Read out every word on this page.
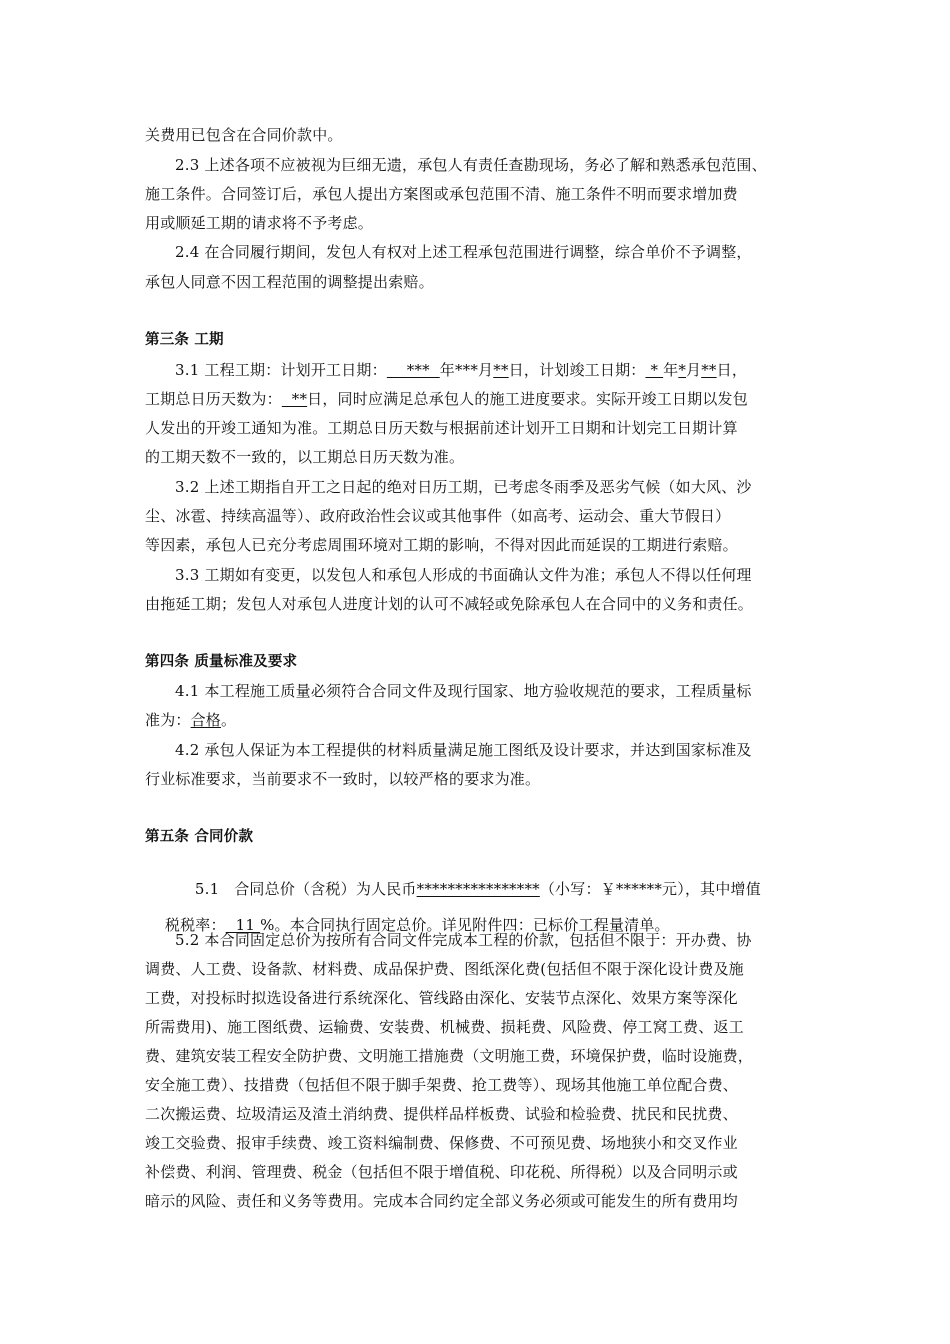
关费用已包含在合同价款中。
2.3 上述各项不应被视为巨细无遗，承包人有责任查勘现场，务必了解和熟悉承包范围、
施工条件。合同签订后，承包人提出方案图或承包范围不清、施工条件不明而要求增加费
用或顺延工期的请求将不予考虑。
2.4 在合同履行期间，发包人有权对上述工程承包范围进行调整，综合单价不予调整，
承包人同意不因工程范围的调整提出索赔。
第三条 工期
3.1 工程工期：计划开工日期：    ***  年***月**日，计划竣工日期： * 年*月**日，
工期总日历天数为：  **日，同时应满足总承包人的施工进度要求。实际开竣工日期以发包
人发出的开竣工通知为准。工期总日历天数与根据前述计划开工日期和计划完工日期计算
的工期天数不一致的，以工期总日历天数为准。
3.2 上述工期指自开工之日起的绝对日历工期，已考虑冬雨季及恶劣气候（如大风、沙
尘、冰雹、持续高温等）、政府政治性会议或其他事件（如高考、运动会、重大节假日）
等因素，承包人已充分考虑周围环境对工期的影响，不得对因此而延误的工期进行索赔。
3.3 工期如有变更，以发包人和承包人形成的书面确认文件为准；承包人不得以任何理
由拖延工期；发包人对承包人进度计划的认可不减轻或免除承包人在合同中的义务和责任。
第四条 质量标准及要求
4.1 本工程施工质量必须符合合同文件及现行国家、地方验收规范的要求，工程质量标
准为：合格。
4.2 承包人保证为本工程提供的材料质量满足施工图纸及设计要求，并达到国家标准及
行业标准要求，当前要求不一致时，以较严格的要求为准。
第五条 合同价款

5.1   合同总价（含税）为人民币****************（小写：￥******元），其中增值

税税率：  11 %。本合同执行固定总价。详见附件四：已标价工程量清单。

5.2 本合同固定总价为按所有合同文件完成本工程的价款，包括但不限于：开办费、协
调费、人工费、设备款、材料费、成品保护费、图纸深化费(包括但不限于深化设计费及施
工费，对投标时拟选设备进行系统深化、管线路由深化、安装节点深化、效果方案等深化
所需费用)、施工图纸费、运输费、安装费、机械费、损耗费、风险费、停工窝工费、返工
费、建筑安装工程安全防护费、文明施工措施费（文明施工费，环境保护费，临时设施费，
安全施工费）、技措费（包括但不限于脚手架费、抢工费等）、现场其他施工单位配合费、
二次搬运费、垃圾清运及渣土消纳费、提供样品样板费、试验和检验费、扰民和民扰费、
竣工交验费、报审手续费、竣工资料编制费、保修费、不可预见费、场地狭小和交叉作业
补偿费、利润、管理费、税金（包括但不限于增值税、印花税、所得税）以及合同明示或
暗示的风险、责任和义务等费用。完成本合同约定全部义务必须或可能发生的所有费用均
